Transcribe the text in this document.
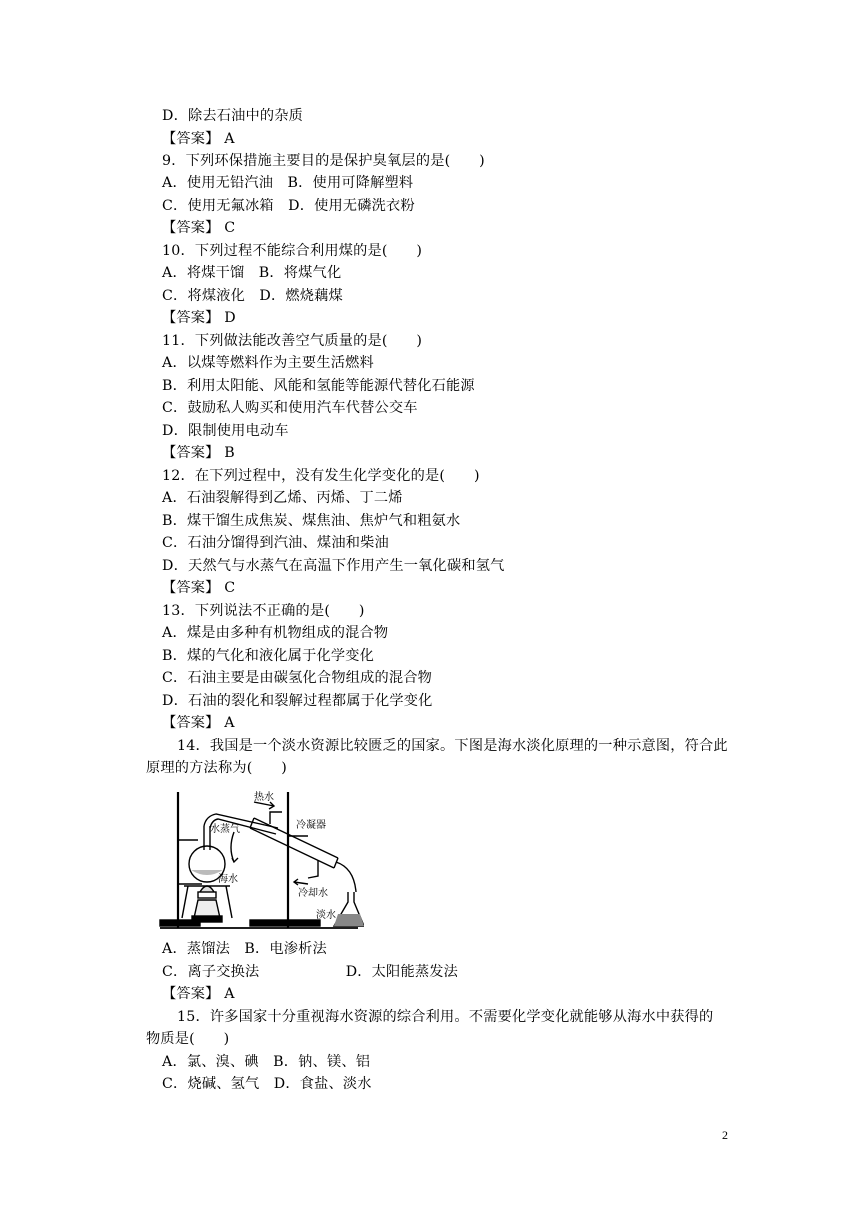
D．除去石油中的杂质
【答案】 A
9．下列环保措施主要目的是保护臭氧层的是(　　)
A．使用无铅汽油　B．使用可降解塑料
C．使用无氟冰箱　D．使用无磷洗衣粉
【答案】 C
10．下列过程不能综合利用煤的是(　　)
A．将煤干馏　B．将煤气化
C．将煤液化　D．燃烧藕煤
【答案】 D
11．下列做法能改善空气质量的是(　　)
A．以煤等燃料作为主要生活燃料
B．利用太阳能、风能和氢能等能源代替化石能源
C．鼓励私人购买和使用汽车代替公交车
D．限制使用电动车
【答案】 B
12．在下列过程中，没有发生化学变化的是(　　)
A．石油裂解得到乙烯、丙烯、丁二烯
B．煤干馏生成焦炭、煤焦油、焦炉气和粗氨水
C．石油分馏得到汽油、煤油和柴油
D．天然气与水蒸气在高温下作用产生一氧化碳和氢气
【答案】 C
13．下列说法不正确的是(　　)
A．煤是由多种有机物组成的混合物
B．煤的气化和液化属于化学变化
C．石油主要是由碳氢化合物组成的混合物
D．石油的裂化和裂解过程都属于化学变化
【答案】 A
14．我国是一个淡水资源比较匮乏的国家。下图是海水淡化原理的一种示意图，符合此
原理的方法称为(　　)
热水
水蒸气	冷凝器
海水
冷却水
淡水
A．蒸馏法　B．电渗析法
C．离子交换法　　　　　　D．太阳能蒸发法
【答案】 A
15．许多国家十分重视海水资源的综合利用。不需要化学变化就能够从海水中获得的
物质是(　　)
A．氯、溴、碘　B．钠、镁、铝
C．烧碱、氢气　D．食盐、淡水
2
